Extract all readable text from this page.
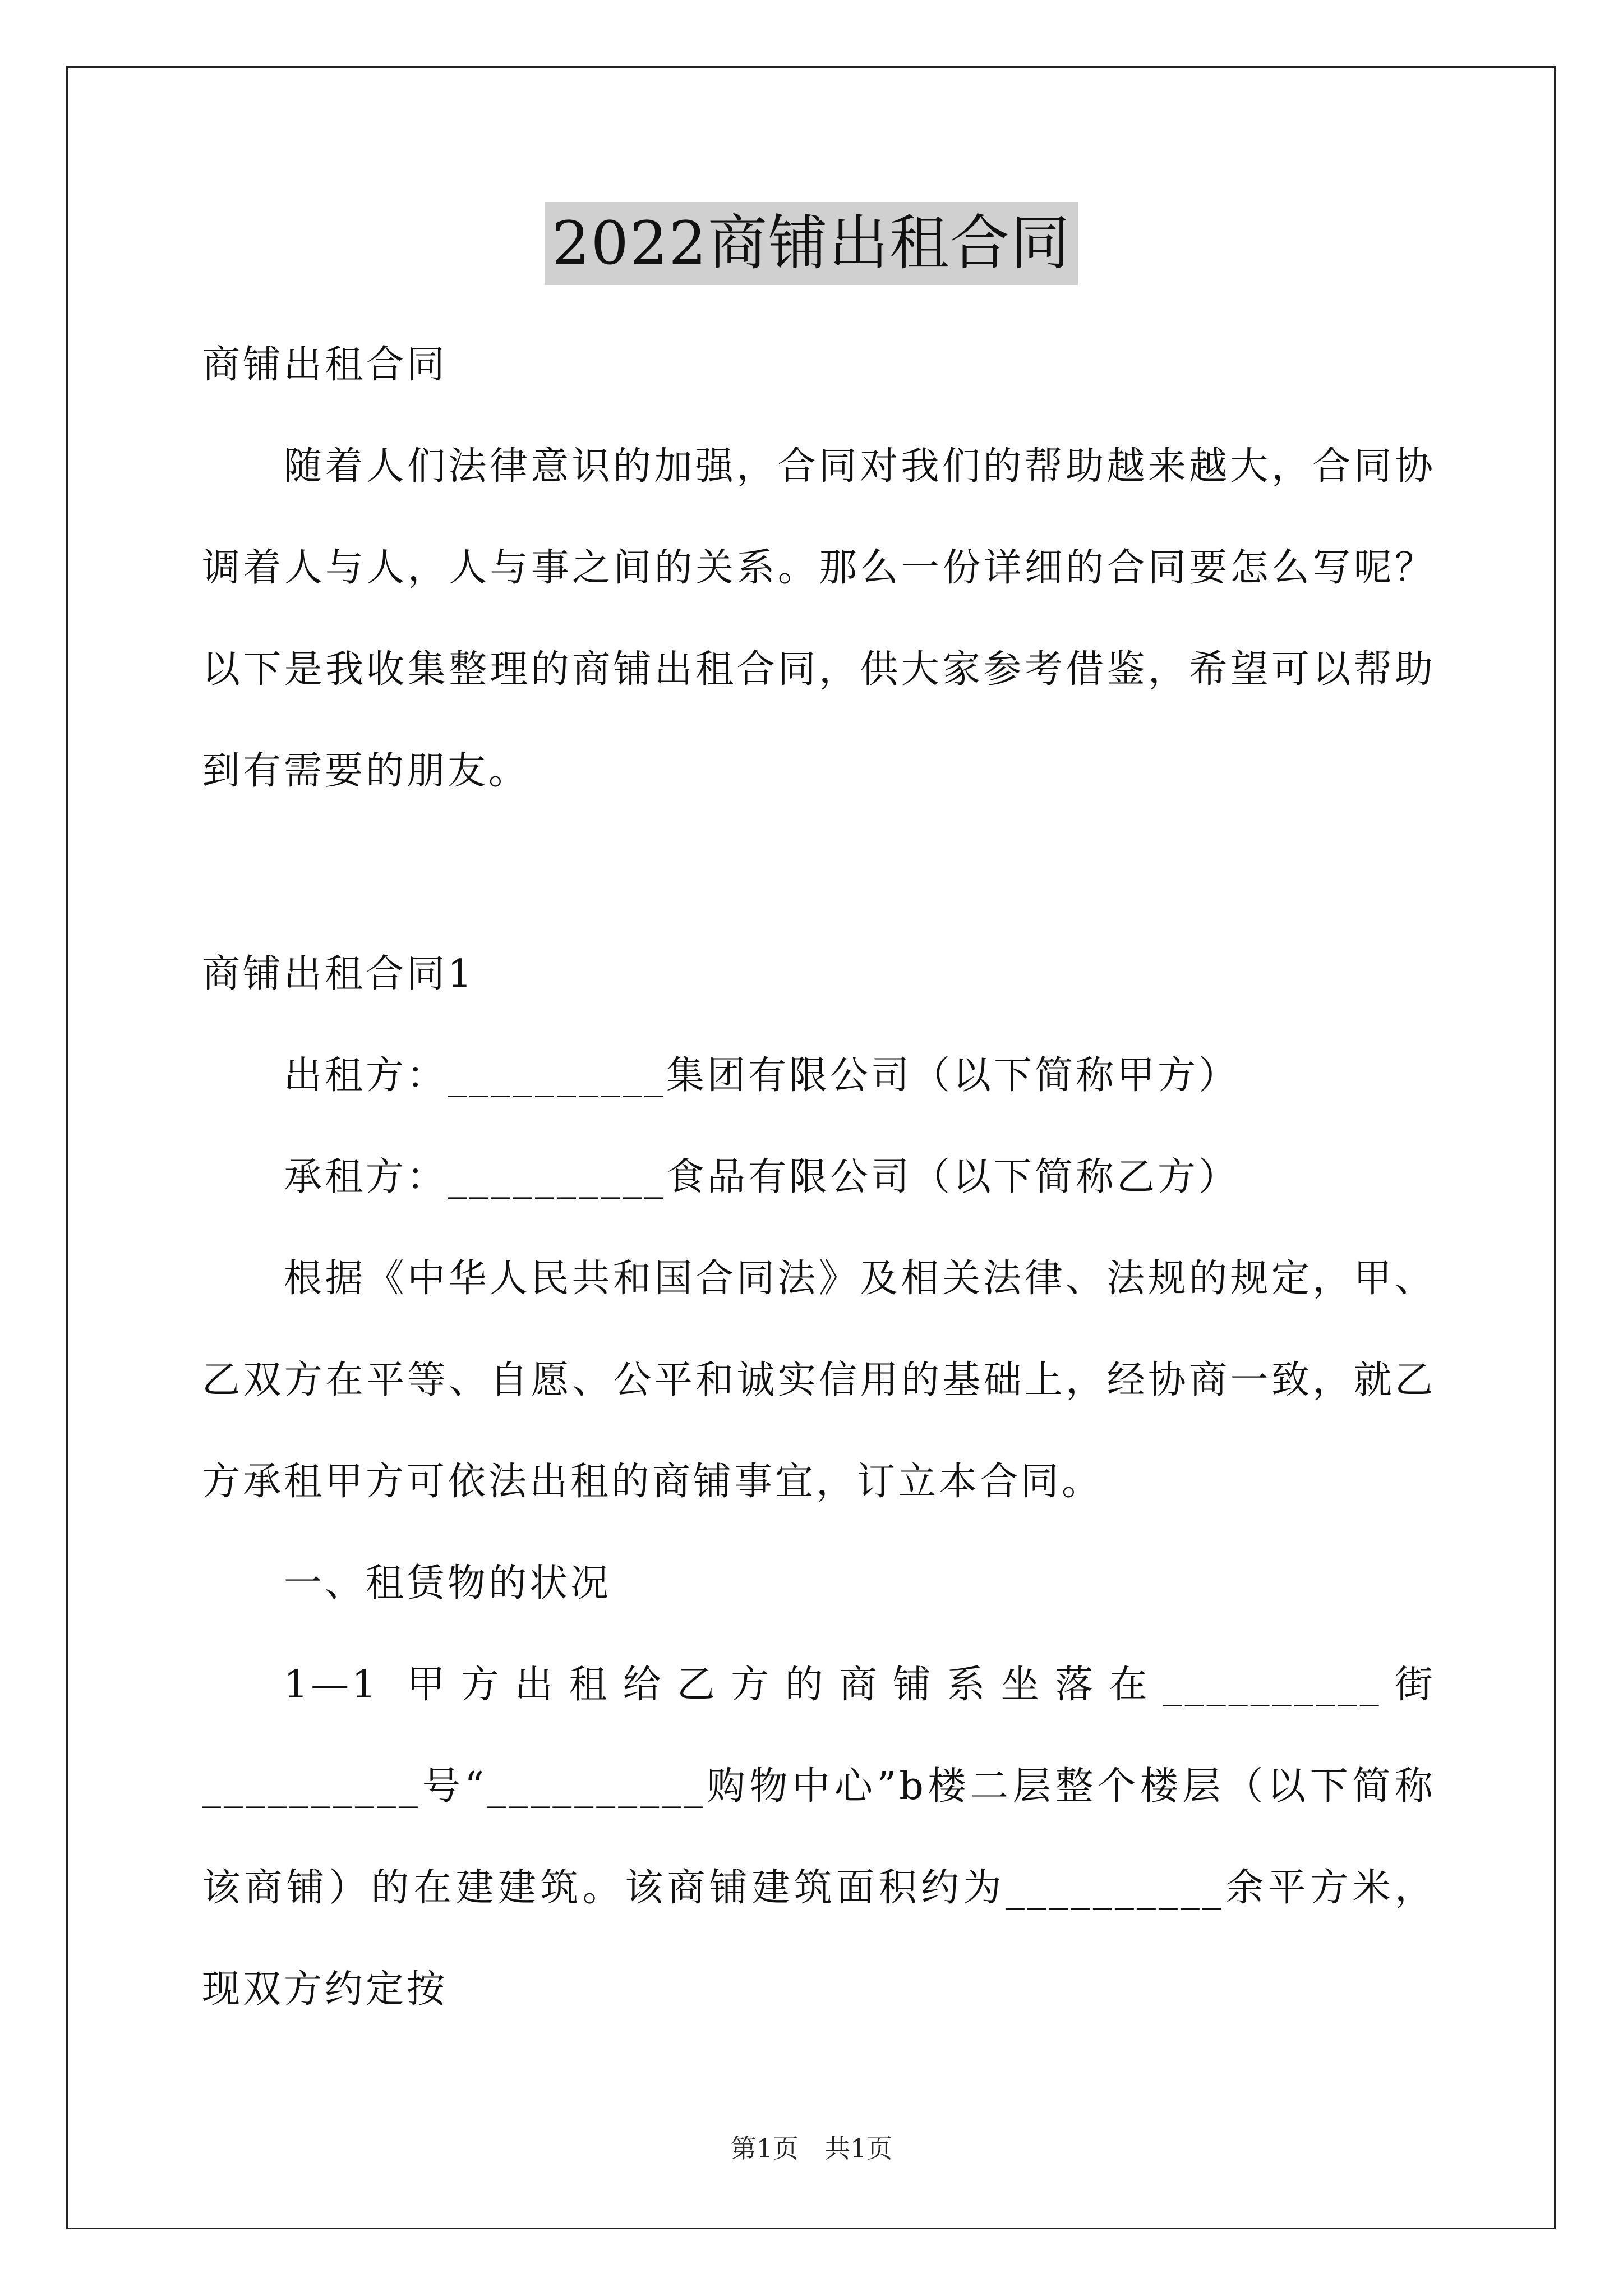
2022商铺出租合同

商铺出租合同

随着人们法律意识的加强，合同对我们的帮助越来越大，合同协调着人与人，人与事之间的关系。那么一份详细的合同要怎么写呢？以下是我收集整理的商铺出租合同，供大家参考借鉴，希望可以帮助到有需要的朋友。

商铺出租合同1

出租方：__________集团有限公司（以下简称甲方）

承租方：__________食品有限公司（以下简称乙方）

根据《中华人民共和国合同法》及相关法律、法规的规定，甲、乙双方在平等、自愿、公平和诚实信用的基础上，经协商一致，就乙方承租甲方可依法出租的商铺事宜，订立本合同。

一、租赁物的状况

1—1 甲方出租给乙方的商铺系坐落在__________街__________号“__________购物中心”b楼二层整个楼层（以下简称该商铺）的在建建筑。该商铺建筑面积约为__________余平方米，现双方约定按

第1页　共1页
